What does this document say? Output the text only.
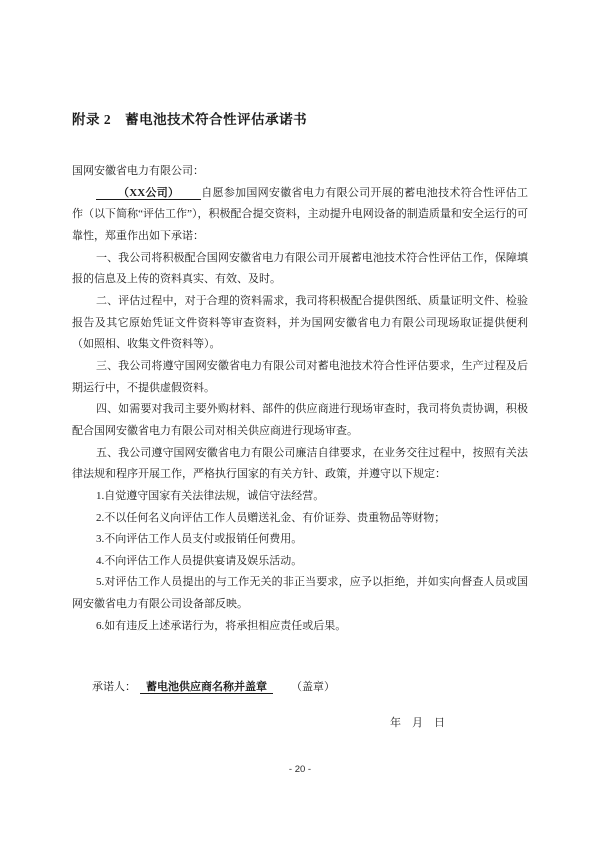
附录 2　蓄电池技术符合性评估承诺书

国网安徽省电力有限公司：

（XX公司） 自愿参加国网安徽省电力有限公司开展的蓄电池技术符合性评估工作（以下简称“评估工作”），积极配合提交资料，主动提升电网设备的制造质量和安全运行的可靠性，郑重作出如下承诺：

一、我公司将积极配合国网安徽省电力有限公司开展蓄电池技术符合性评估工作，保障填报的信息及上传的资料真实、有效、及时。

二、评估过程中，对于合理的资料需求，我司将积极配合提供图纸、质量证明文件、检验报告及其它原始凭证文件资料等审查资料，并为国网安徽省电力有限公司现场取证提供便利（如照相、收集文件资料等）。

三、我公司将遵守国网安徽省电力有限公司对蓄电池技术符合性评估要求，生产过程及后期运行中，不提供虚假资料。

四、如需要对我司主要外购材料、部件的供应商进行现场审查时，我司将负责协调，积极配合国网安徽省电力有限公司对相关供应商进行现场审查。

五、我公司遵守国网安徽省电力有限公司廉洁自律要求，在业务交往过程中，按照有关法律法规和程序开展工作，严格执行国家的有关方针、政策，并遵守以下规定：

1.自觉遵守国家有关法律法规，诚信守法经营。

2.不以任何名义向评估工作人员赠送礼金、有价证券、贵重物品等财物；

3.不向评估工作人员支付或报销任何费用。

4.不向评估工作人员提供宴请及娱乐活动。

5.对评估工作人员提出的与工作无关的非正当要求，应予以拒绝，并如实向督查人员或国网安徽省电力有限公司设备部反映。

6.如有违反上述承诺行为，将承担相应责任或后果。

承诺人： 蓄电池供应商名称并盖章 （盖章）

年　月　日

- 20 -
